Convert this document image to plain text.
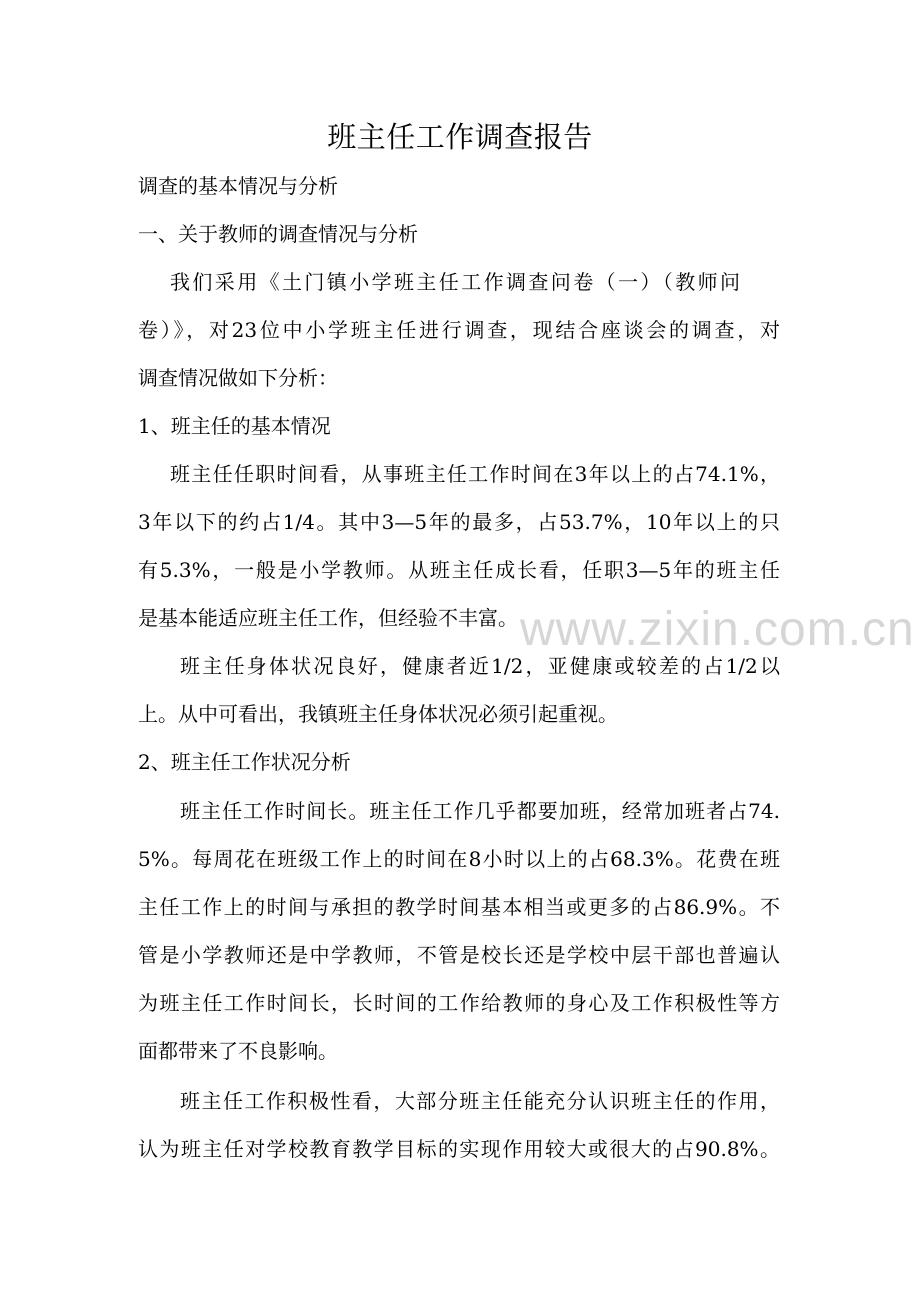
www.zixin.com.cn
班主任工作调查报告
调查的基本情况与分析
一、关于教师的调查情况与分析
我们采用《土门镇小学班主任工作调查问卷（一）（教师问
卷）》，对23位中小学班主任进行调查，现结合座谈会的调查，对
调查情况做如下分析：
1、班主任的基本情况
班主任任职时间看，从事班主任工作时间在3年以上的占74.1%，
3年以下的约占1/4。其中3—5年的最多，占53.7%，10年以上的只
有5.3%，一般是小学教师。从班主任成长看，任职3—5年的班主任
是基本能适应班主任工作，但经验不丰富。
班主任身体状况良好，健康者近1/2，亚健康或较差的占1/2以
上。从中可看出，我镇班主任身体状况必须引起重视。
2、班主任工作状况分析
班主任工作时间长。班主任工作几乎都要加班，经常加班者占74.
5%。每周花在班级工作上的时间在8小时以上的占68.3%。花费在班
主任工作上的时间与承担的教学时间基本相当或更多的占86.9%。不
管是小学教师还是中学教师，不管是校长还是学校中层干部也普遍认
为班主任工作时间长，长时间的工作给教师的身心及工作积极性等方
面都带来了不良影响。
班主任工作积极性看，大部分班主任能充分认识班主任的作用，
认为班主任对学校教育教学目标的实现作用较大或很大的占90.8%。
